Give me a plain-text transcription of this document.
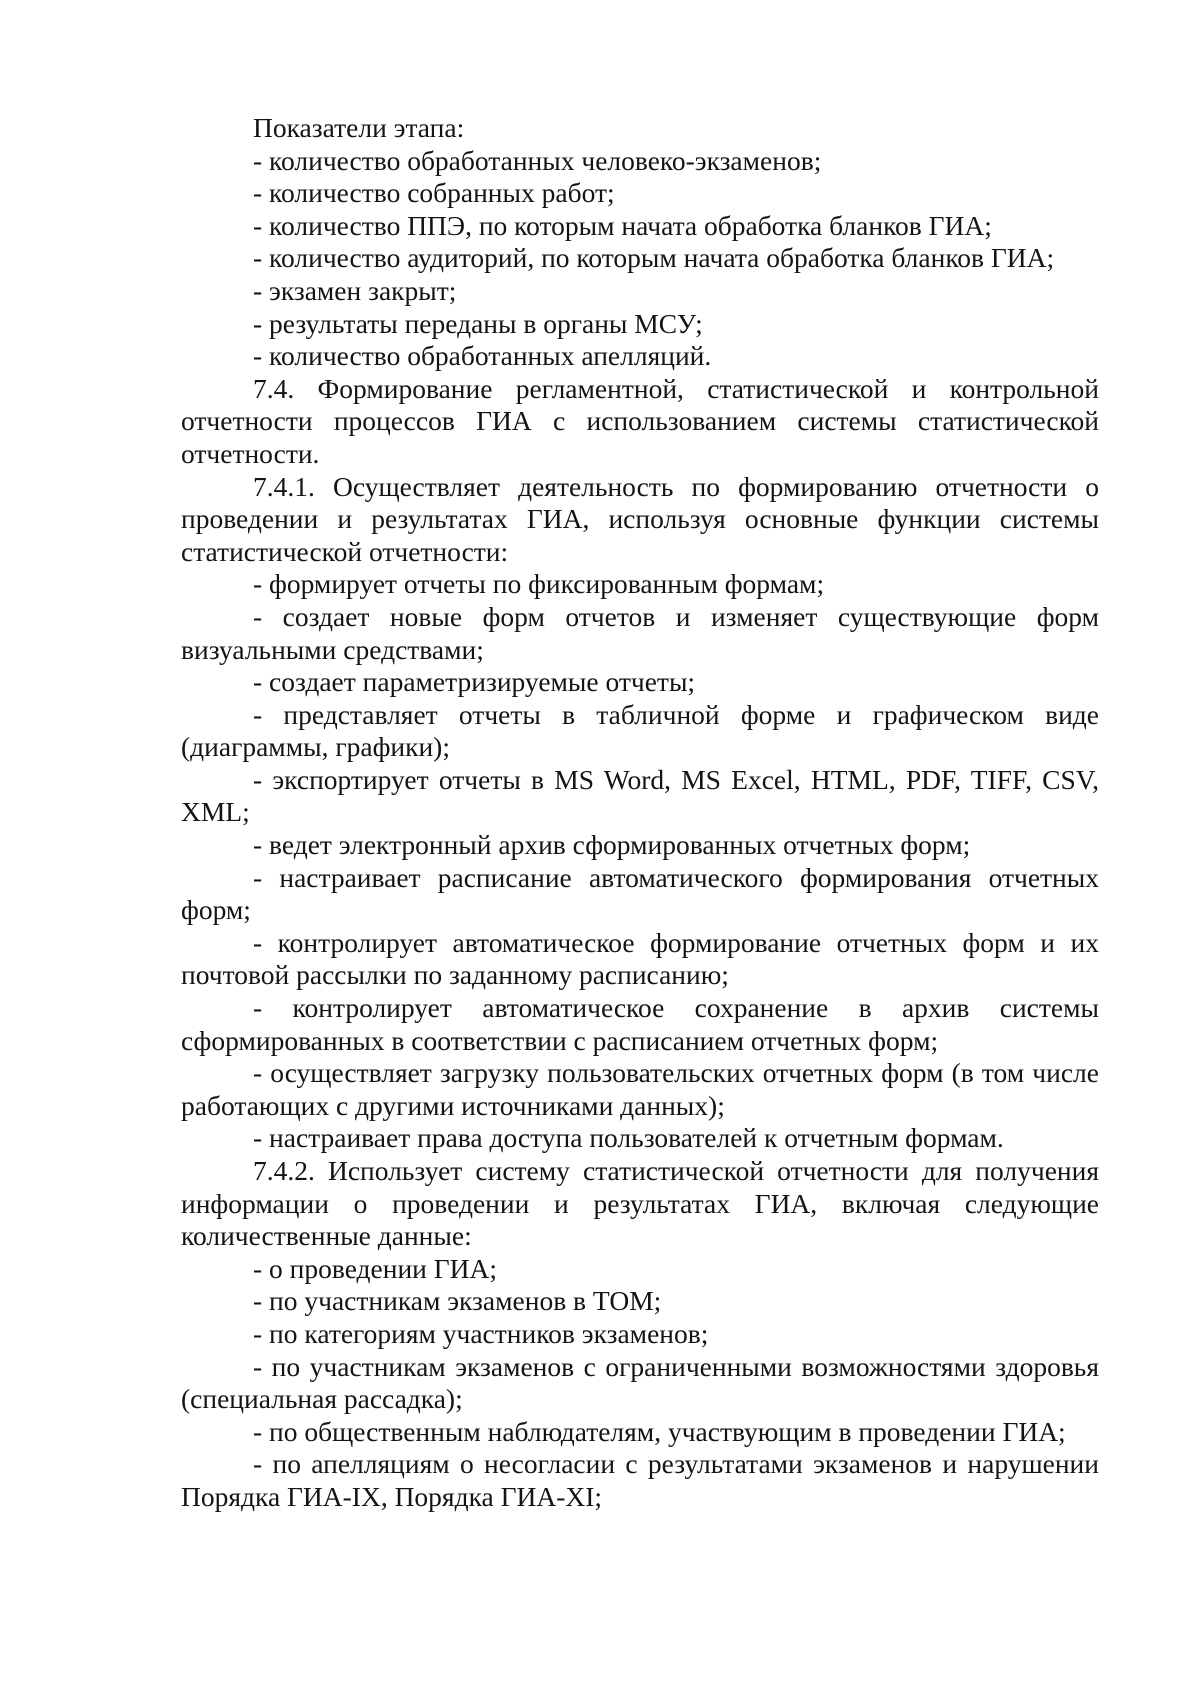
Показатели этапа:

- количество обработанных человеко-экзаменов;

- количество собранных работ;

- количество ППЭ, по которым начата обработка бланков ГИА;

- количество аудиторий, по которым начата обработка бланков ГИА;

- экзамен закрыт;

- результаты переданы в органы МСУ;

- количество обработанных апелляций.

7.4. Формирование регламентной, статистической и контрольной отчетности процессов ГИА с использованием системы статистической отчетности.

7.4.1. Осуществляет деятельность по формированию отчетности о проведении и результатах ГИА, используя основные функции системы статистической отчетности:

- формирует отчеты по фиксированным формам;

- создает новые форм отчетов и изменяет существующие форм визуальными средствами;

- создает параметризируемые отчеты;

- представляет отчеты в табличной форме и графическом виде (диаграммы, графики);

- экспортирует отчеты в MS Word, MS Excel, HTML, PDF, TIFF, CSV, XML;

- ведет электронный архив сформированных отчетных форм;

- настраивает расписание автоматического формирования отчетных форм;

- контролирует автоматическое формирование отчетных форм и их почтовой рассылки по заданному расписанию;

- контролирует автоматическое сохранение в архив системы сформированных в соответствии с расписанием отчетных форм;

- осуществляет загрузку пользовательских отчетных форм (в том числе работающих с другими источниками данных);

- настраивает права доступа пользователей к отчетным формам.

7.4.2. Использует систему статистической отчетности для получения информации о проведении и результатах ГИА, включая следующие количественные данные:

- о проведении ГИА;

- по участникам экзаменов в ТОМ;

- по категориям участников экзаменов;

- по участникам экзаменов с ограниченными возможностями здоровья (специальная рассадка);

- по общественным наблюдателям, участвующим в проведении ГИА;

- по апелляциям о несогласии с результатами экзаменов и нарушении Порядка ГИА-IX, Порядка ГИА-XI;
